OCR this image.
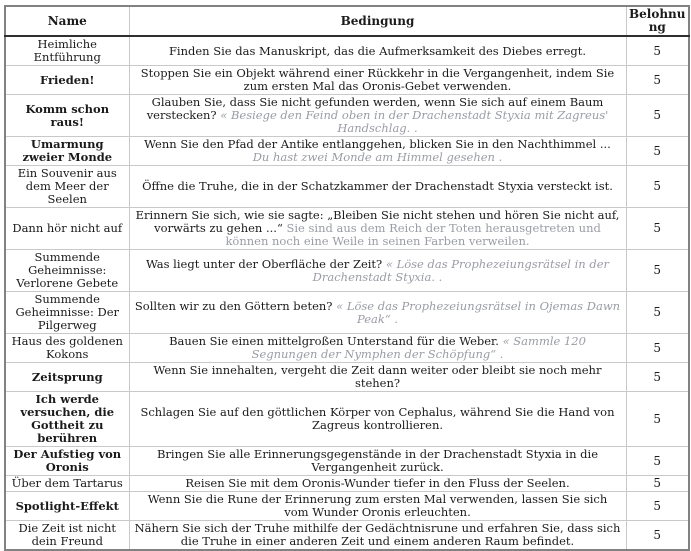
Name	Bedingung	Belohnung
Heimliche Entführung	Finden Sie das Manuskript, das die Aufmerksamkeit des Diebes erregt.	5
Frieden!	Stoppen Sie ein Objekt während einer Rückkehr in die Vergangenheit, indem Sie zum ersten Mal das Oronis-Gebet verwenden.	5
Komm schon raus!	Glauben Sie, dass Sie nicht gefunden werden, wenn Sie sich auf einem Baum verstecken? « Besiege den Feind oben in der Drachenstadt Styxia mit Zagreus' Handschlag. .	5
Umarmung zweier Monde	Wenn Sie den Pfad der Antike entlanggehen, blicken Sie in den Nachthimmel ... Du hast zwei Monde am Himmel gesehen .	5
Ein Souvenir aus dem Meer der Seelen	Öffne die Truhe, die in der Schatzkammer der Drachenstadt Styxia versteckt ist.	5
Dann hör nicht auf	Erinnern Sie sich, wie sie sagte: „Bleiben Sie nicht stehen und hören Sie nicht auf, vorwärts zu gehen ...“ Sie sind aus dem Reich der Toten herausgetreten und können noch eine Weile in seinen Farben verweilen.	5
Summende Geheimnisse: Verlorene Gebete	Was liegt unter der Oberfläche der Zeit? « Löse das Prophezeiungsrätsel in der Drachenstadt Styxia. .	5
Summende Geheimnisse: Der Pilgerweg	Sollten wir zu den Göttern beten? « Löse das Prophezeiungsrätsel in Ojemas Dawn Peak“ .	5
Haus des goldenen Kokons	Bauen Sie einen mittelgroßen Unterstand für die Weber. « Sammle 120 Segnungen der Nymphen der Schöpfung“ .	5
Zeitsprung	Wenn Sie innehalten, vergeht die Zeit dann weiter oder bleibt sie noch mehr stehen?	5
Ich werde versuchen, die Gottheit zu berühren	Schlagen Sie auf den göttlichen Körper von Cephalus, während Sie die Hand von Zagreus kontrollieren.	5
Der Aufstieg von Oronis	Bringen Sie alle Erinnerungsgegenstände in der Drachenstadt Styxia in die Vergangenheit zurück.	5
Über dem Tartarus	Reisen Sie mit dem Oronis-Wunder tiefer in den Fluss der Seelen.	5
Spotlight-Effekt	Wenn Sie die Rune der Erinnerung zum ersten Mal verwenden, lassen Sie sich vom Wunder Oronis erleuchten.	5
Die Zeit ist nicht dein Freund	Nähern Sie sich der Truhe mithilfe der Gedächtnisrune und erfahren Sie, dass sich die Truhe in einer anderen Zeit und einem anderen Raum befindet.	5
